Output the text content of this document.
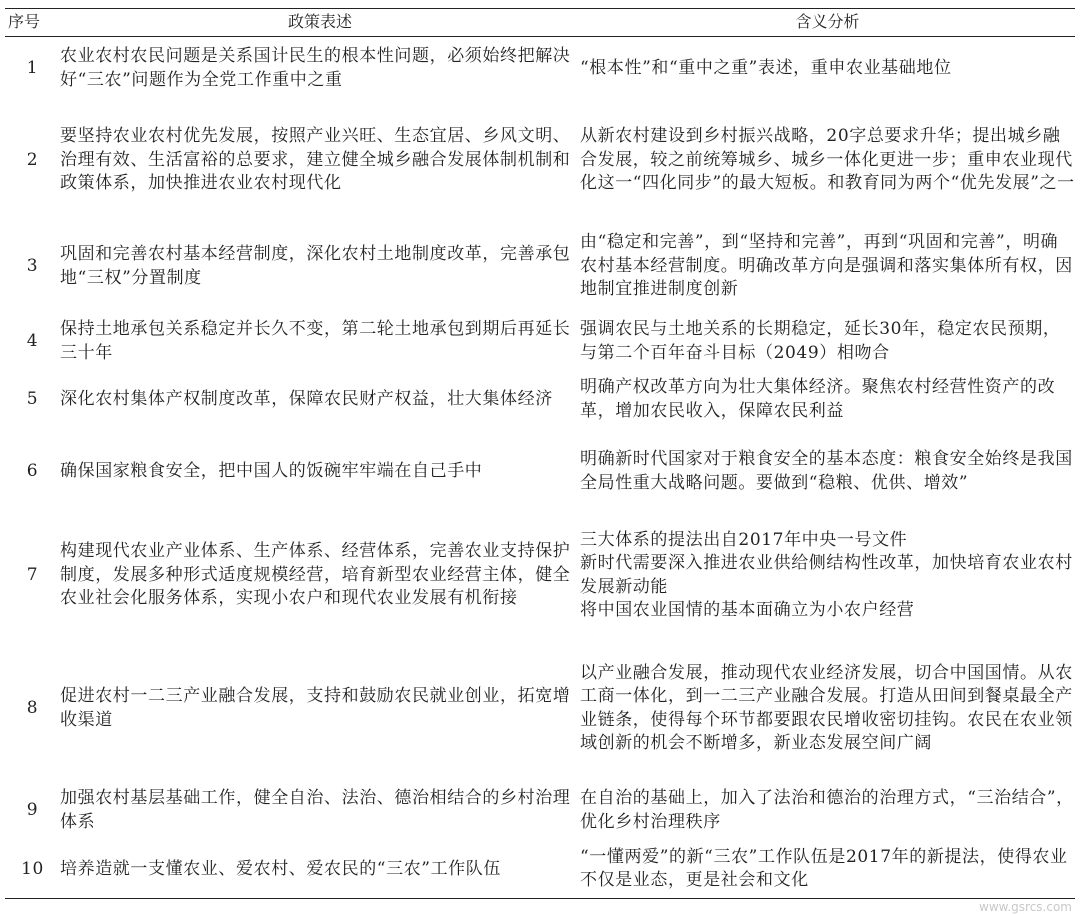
序号	政策表述	含义分析
1	农业农村农民问题是关系国计民生的根本性问题，必须始终把解决好“三农”问题作为全党工作重中之重	“根本性”和“重中之重”表述，重申农业基础地位
2	要坚持农业农村优先发展，按照产业兴旺、生态宜居、乡风文明、治理有效、生活富裕的总要求，建立健全城乡融合发展体制机制和政策体系，加快推进农业农村现代化	从新农村建设到乡村振兴战略，20字总要求升华；提出城乡融合发展，较之前统筹城乡、城乡一体化更进一步；重申农业现代化这一“四化同步”的最大短板。和教育同为两个“优先发展”之一
3	巩固和完善农村基本经营制度，深化农村土地制度改革，完善承包地“三权”分置制度	由“稳定和完善”，到“坚持和完善”，再到“巩固和完善”，明确农村基本经营制度。明确改革方向是强调和落实集体所有权，因地制宜推进制度创新
4	保持土地承包关系稳定并长久不变，第二轮土地承包到期后再延长三十年	强调农民与土地关系的长期稳定，延长30年，稳定农民预期，与第二个百年奋斗目标（2049）相吻合
5	深化农村集体产权制度改革，保障农民财产权益，壮大集体经济	明确产权改革方向为壮大集体经济。聚焦农村经营性资产的改革，增加农民收入，保障农民利益
6	确保国家粮食安全，把中国人的饭碗牢牢端在自己手中	明确新时代国家对于粮食安全的基本态度：粮食安全始终是我国全局性重大战略问题。要做到“稳粮、优供、增效”
7	构建现代农业产业体系、生产体系、经营体系，完善农业支持保护制度，发展多种形式适度规模经营，培育新型农业经营主体，健全农业社会化服务体系，实现小农户和现代农业发展有机衔接	三大体系的提法出自2017年中央一号文件
新时代需要深入推进农业供给侧结构性改革，加快培育农业农村发展新动能
将中国农业国情的基本面确立为小农户经营

8	促进农村一二三产业融合发展，支持和鼓励农民就业创业，拓宽增收渠道	以产业融合发展，推动现代农业经济发展，切合中国国情。从农工商一体化，到一二三产业融合发展。打造从田间到餐桌最全产业链条，使得每个环节都要跟农民增收密切挂钩。农民在农业领域创新的机会不断增多，新业态发展空间广阔
9	加强农村基层基础工作，健全自治、法治、德治相结合的乡村治理体系	在自治的基础上，加入了法治和德治的治理方式，“三治结合”，优化乡村治理秩序
10	培养造就一支懂农业、爱农村、爱农民的“三农”工作队伍	“一懂两爱”的新“三农”工作队伍是2017年的新提法，使得农业不仅是业态，更是社会和文化
www.gsrcs.com
